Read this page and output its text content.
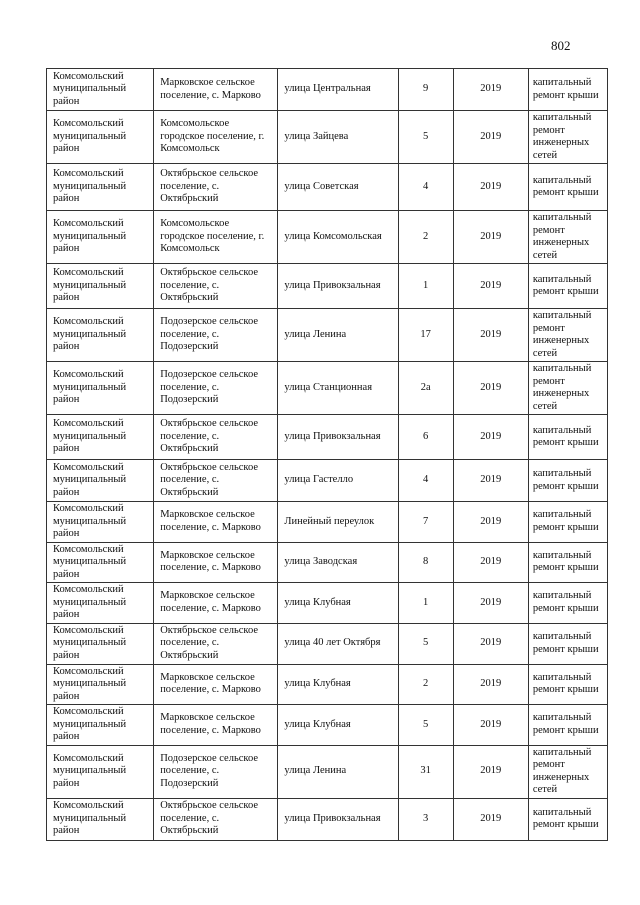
802
Комсомольский муниципальный район	Марковское сельское поселение, с. Марково	улица Центральная	9	2019	капитальный ремонт крыши
Комсомольский муниципальный район	Комсомольское городское поселение, г. Комсомольск	улица Зайцева	5	2019	капитальный ремонт инженерных сетей
Комсомольский муниципальный район	Октябрьское сельское поселение, с. Октябрьский	улица Советская	4	2019	капитальный ремонт крыши
Комсомольский муниципальный район	Комсомольское городское поселение, г. Комсомольск	улица Комсомольская	2	2019	капитальный ремонт инженерных сетей
Комсомольский муниципальный район	Октябрьское сельское поселение, с. Октябрьский	улица Привокзальная	1	2019	капитальный ремонт крыши
Комсомольский муниципальный район	Подозерское сельское поселение, с. Подозерский	улица Ленина	17	2019	капитальный ремонт инженерных сетей
Комсомольский муниципальный район	Подозерское сельское поселение, с. Подозерский	улица Станционная	2а	2019	капитальный ремонт инженерных сетей
Комсомольский муниципальный район	Октябрьское сельское поселение, с. Октябрьский	улица Привокзальная	6	2019	капитальный ремонт крыши
Комсомольский муниципальный район	Октябрьское сельское поселение, с. Октябрьский	улица Гастелло	4	2019	капитальный ремонт крыши
Комсомольский муниципальный район	Марковское сельское поселение, с. Марково	Линейный переулок	7	2019	капитальный ремонт крыши
Комсомольский муниципальный район	Марковское сельское поселение, с. Марково	улица Заводская	8	2019	капитальный ремонт крыши
Комсомольский муниципальный район	Марковское сельское поселение, с. Марково	улица Клубная	1	2019	капитальный ремонт крыши
Комсомольский муниципальный район	Октябрьское сельское поселение, с. Октябрьский	улица 40 лет Октября	5	2019	капитальный ремонт крыши
Комсомольский муниципальный район	Марковское сельское поселение, с. Марково	улица Клубная	2	2019	капитальный ремонт крыши
Комсомольский муниципальный район	Марковское сельское поселение, с. Марково	улица Клубная	5	2019	капитальный ремонт крыши
Комсомольский муниципальный район	Подозерское сельское поселение, с. Подозерский	улица Ленина	31	2019	капитальный ремонт инженерных сетей
Комсомольский муниципальный район	Октябрьское сельское поселение, с. Октябрьский	улица Привокзальная	3	2019	капитальный ремонт крыши
